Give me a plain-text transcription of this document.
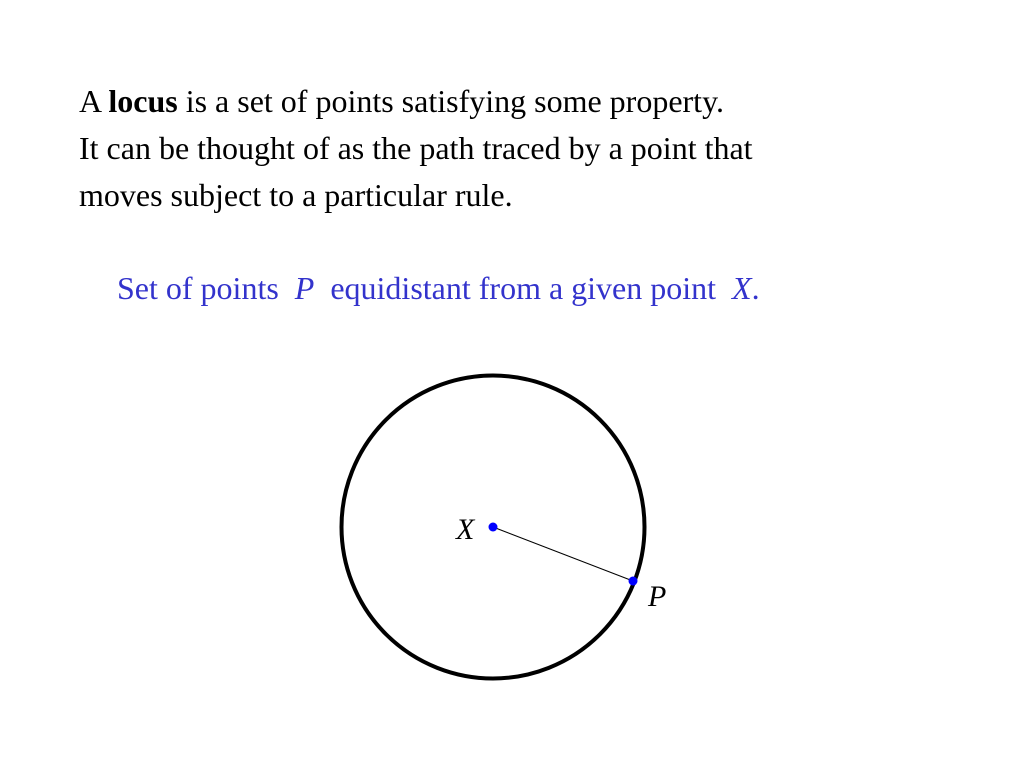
A locus is a set of points satisfying some property.
It can be thought of as the path traced by a point that
moves subject to a particular rule.
Set of points P equidistant from a given point X.
X
P
